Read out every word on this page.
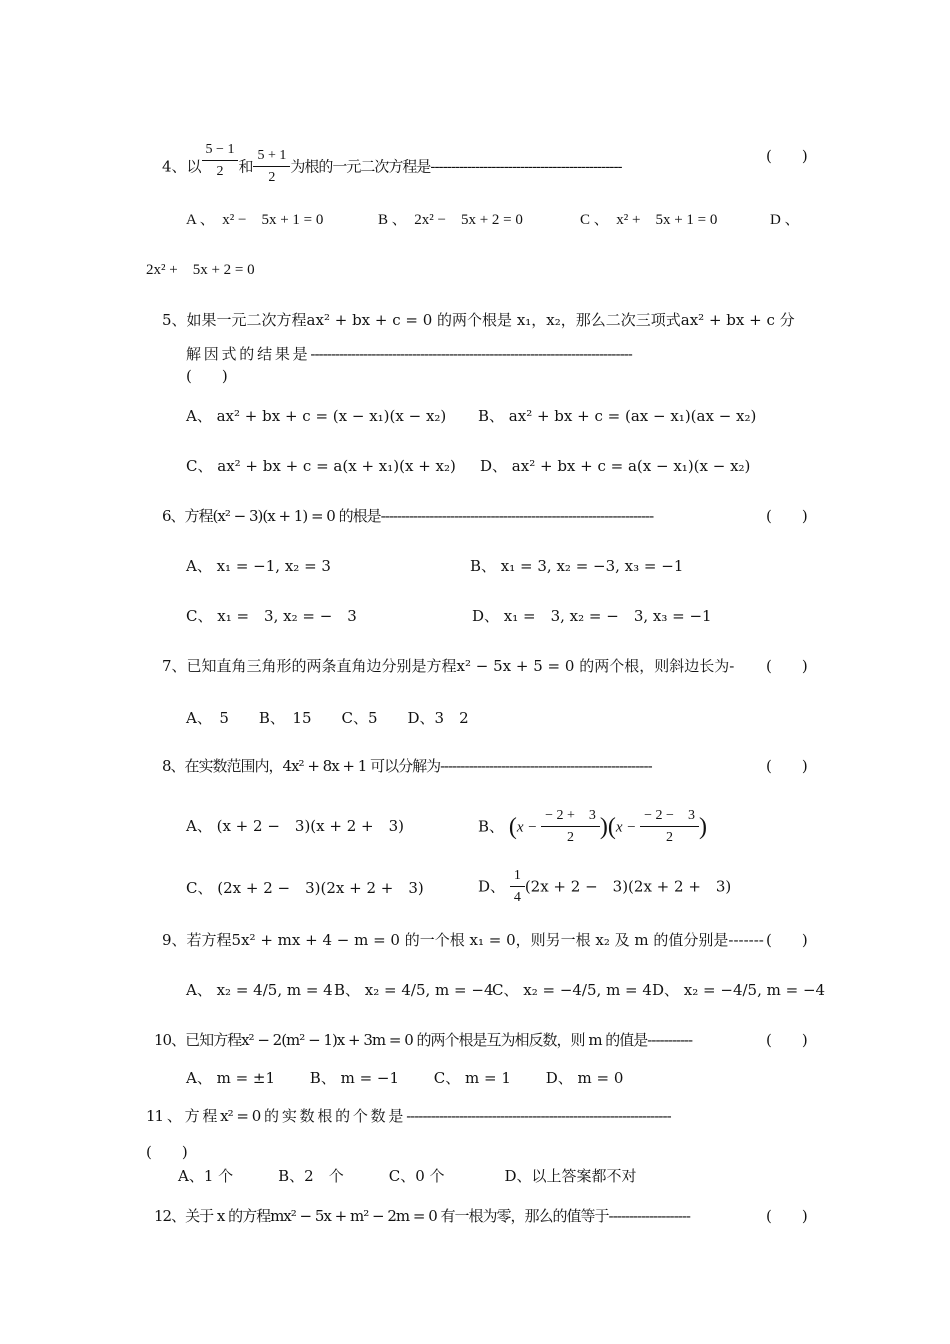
4、以 $\frac{5 - 1}{2}$ 和 $\frac{5 + 1}{2}$ 为根的一元二次方程是-----------------------------------------------
(　　)
A 、　x² −　5x + 1 = 0	B 、　2x² −　5x + 2 = 0	C 、　x² +　5x + 1 = 0	D 、
2x² +　5x + 2 = 0
5、如果一元二次方程ax² + bx + c = 0 的两个根是 x₁，x₂，那么二次三项式ax² + bx + c 分
解 因 式 的 结 果 是 -------------------------------------------------------------------------------
(　　)
A、 ax² + bx + c = (x − x₁)(x − x₂) B、 ax² + bx + c = (ax − x₁)(ax − x₂)
C、 ax² + bx + c = a(x + x₁)(x + x₂) D、 ax² + bx + c = a(x − x₁)(x − x₂)
6、方程(x² − 3)(x + 1) = 0 的根是-------------------------------------------------------------------	(　　)
A、 x₁ = −1, x₂ = 3	B、 x₁ = 3, x₂ = −3, x₃ = −1
C、 x₁ =　3, x₂ = −　3	D、 x₁ =　3, x₂ = −　3, x₃ = −1
7、已知直角三角形的两条直角边分别是方程x² − 5x + 5 = 0 的两个根，则斜边长为- (　　)
A、　5　　B、　15　　C、5　　D、3　2
8、在实数范围内，4x² + 8x + 1 可以分解为----------------------------------------------------	(　　)
A、 (x + 2 −　3)(x + 2 +　3)	B、 $(x - \frac{- 2 + 3}{2} )(x - \frac{- 2 - 3}{2}$ )
C、 (2x + 2 −　3)(2x + 2 +　3)	D、 $\frac{1}{4} (2x + 2$ −　3)(2x + 2 +　3)
9、若方程5x² + mx + 4 − m = 0 的一个根 x₁ = 0，则另一根 x₂ 及 m 的值分别是------- (　　)
A、 x₂ = 4/5, m = 4 B、 x₂ = 4/5, m = −4
C、 x₂ = −4/5, m = 4 D、 x₂ = −4/5, m = −4
10、已知方程x² − 2(m² − 1)x + 3m = 0 的两个根是互为相反数，则 m 的值是-----------	(　　)
A、 m = ±1　　 B、 m = −1　　 C、 m = 1　　 D、 m = 0
11 、 方 程 x² = 0 的 实 数 根 的 个 数 是 -----------------------------------------------------------------
(　　)
A、1 个　　　B、2　个　　　C、0 个　　　　D、以上答案都不对
12、关于 x 的方程mx² − 5x + m² − 2m = 0 有一根为零，那么的值等于--------------------	(　　)
